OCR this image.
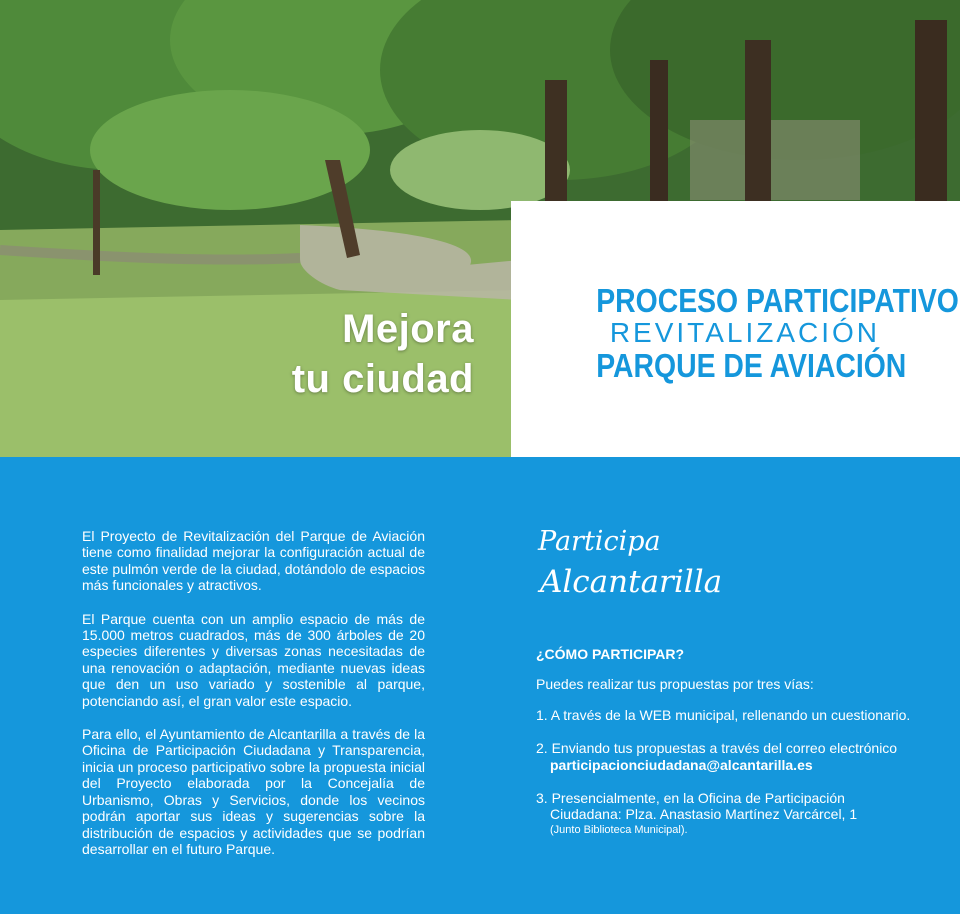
Mejora
tu ciudad
PROCESO PARTICIPATIVO
REVITALIZACIÓN
PARQUE DE AVIACIÓN

El Proyecto de Revitalización del Parque de Aviación tiene como finalidad mejorar la configuración actual de este pulmón verde de la ciudad, dotándolo de espacios más funcionales y atractivos.

El Parque cuenta con un amplio espacio de más de 15.000 metros cuadrados, más de 300 árboles de 20 especies diferentes y diversas zonas necesitadas de una renovación o adaptación, mediante nuevas ideas que den un uso variado y sostenible al parque, potenciando así, el gran valor este espacio.

Para ello, el Ayuntamiento de Alcantarilla a través de la Oficina de Participación Ciudadana y Transparencia, inicia un proceso participativo sobre la propuesta inicial del Proyecto elaborada por la Concejalía de Urbanismo, Obras y Servicios, donde los vecinos podrán aportar sus ideas y sugerencias sobre la distribución de espacios y actividades que se podrían desarrollar en el futuro Parque.

Participa
Alcantarilla

¿CÓMO PARTICIPAR?

Puedes realizar tus propuestas por tres vías:

1. A través de la WEB municipal, rellenando un cuestionario.

2. Enviando tus propuestas a través del correo electrónico
participacionciudadana@alcantarilla.es

3. Presencialmente, en la Oficina de Participación

Ciudadana: Plza. Anastasio Martínez Varcárcel, 1
(Junto Biblioteca Municipal).
